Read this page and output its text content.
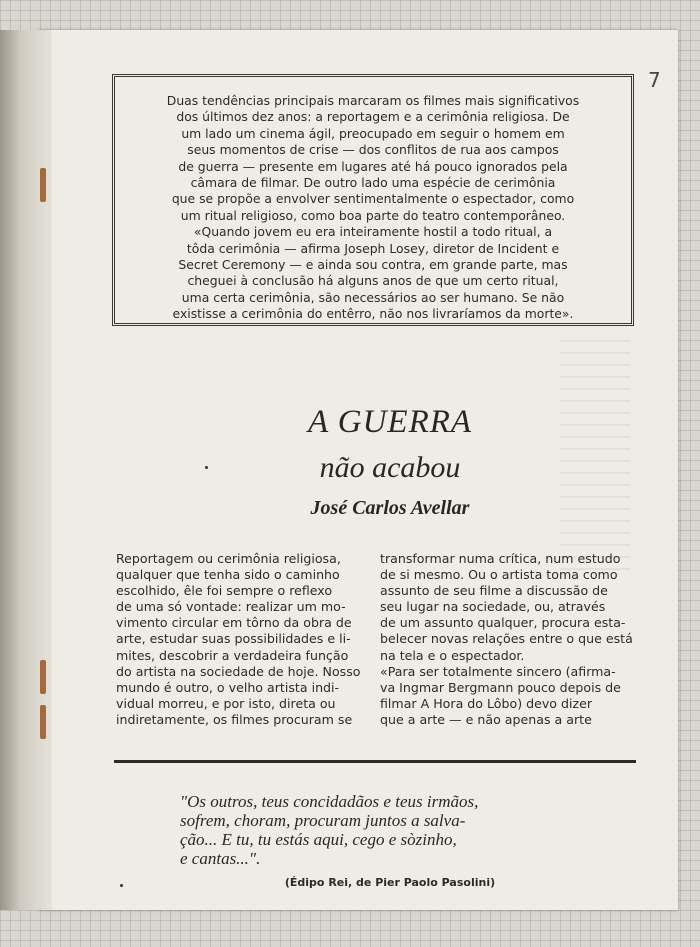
7

Duas tendências principais marcaram os filmes mais significativos

dos últimos dez anos: a reportagem e a cerimônia religiosa. De

um lado um cinema ágil, preocupado em seguir o homem em

seus momentos de crise — dos conflitos de rua aos campos

de guerra — presente em lugares até há pouco ignorados pela

câmara de filmar. De outro lado uma espécie de cerimônia

que se propõe a envolver sentimentalmente o espectador, como

um ritual religioso, como boa parte do teatro contemporâneo.

«Quando jovem eu era inteiramente hostil a todo ritual, a

tôda cerimônia — afirma Joseph Losey, diretor de Incident e

Secret Ceremony — e ainda sou contra, em grande parte, mas

cheguei à conclusão há alguns anos de que um certo ritual,

uma certa cerimônia, são necessários ao ser humano. Se não

existisse a cerimônia do entêrro, não nos livraríamos da morte».

A GUERRA
não acabou
José Carlos Avellar
Reportagem ou cerimônia religiosa,
qualquer que tenha sido o caminho
escolhido, êle foi sempre o reflexo
de uma só vontade: realizar um mo-
vimento circular em tôrno da obra de
arte, estudar suas possibilidades e li-
mites, descobrir a verdadeira função
do artista na sociedade de hoje. Nosso
mundo é outro, o velho artista indi-
vidual morreu, e por isto, direta ou
indiretamente, os filmes procuram se
transformar numa crítica, num estudo
de si mesmo. Ou o artista toma como
assunto de seu filme a discussão de
seu lugar na sociedade, ou, através
de um assunto qualquer, procura esta-
belecer novas relações entre o que está
na tela e o espectador.
«Para ser totalmente sincero (afirma-
va Ingmar Bergmann pouco depois de
filmar A Hora do Lôbo) devo dizer
que a arte — e não apenas a arte
"Os outros, teus concidadãos e teus irmãos,
sofrem, choram, procuram juntos a salva-
ção... E tu, tu estás aqui, cego e sòzinho,
e cantas...".
(Édipo Rei, de Pier Paolo Pasolini)
